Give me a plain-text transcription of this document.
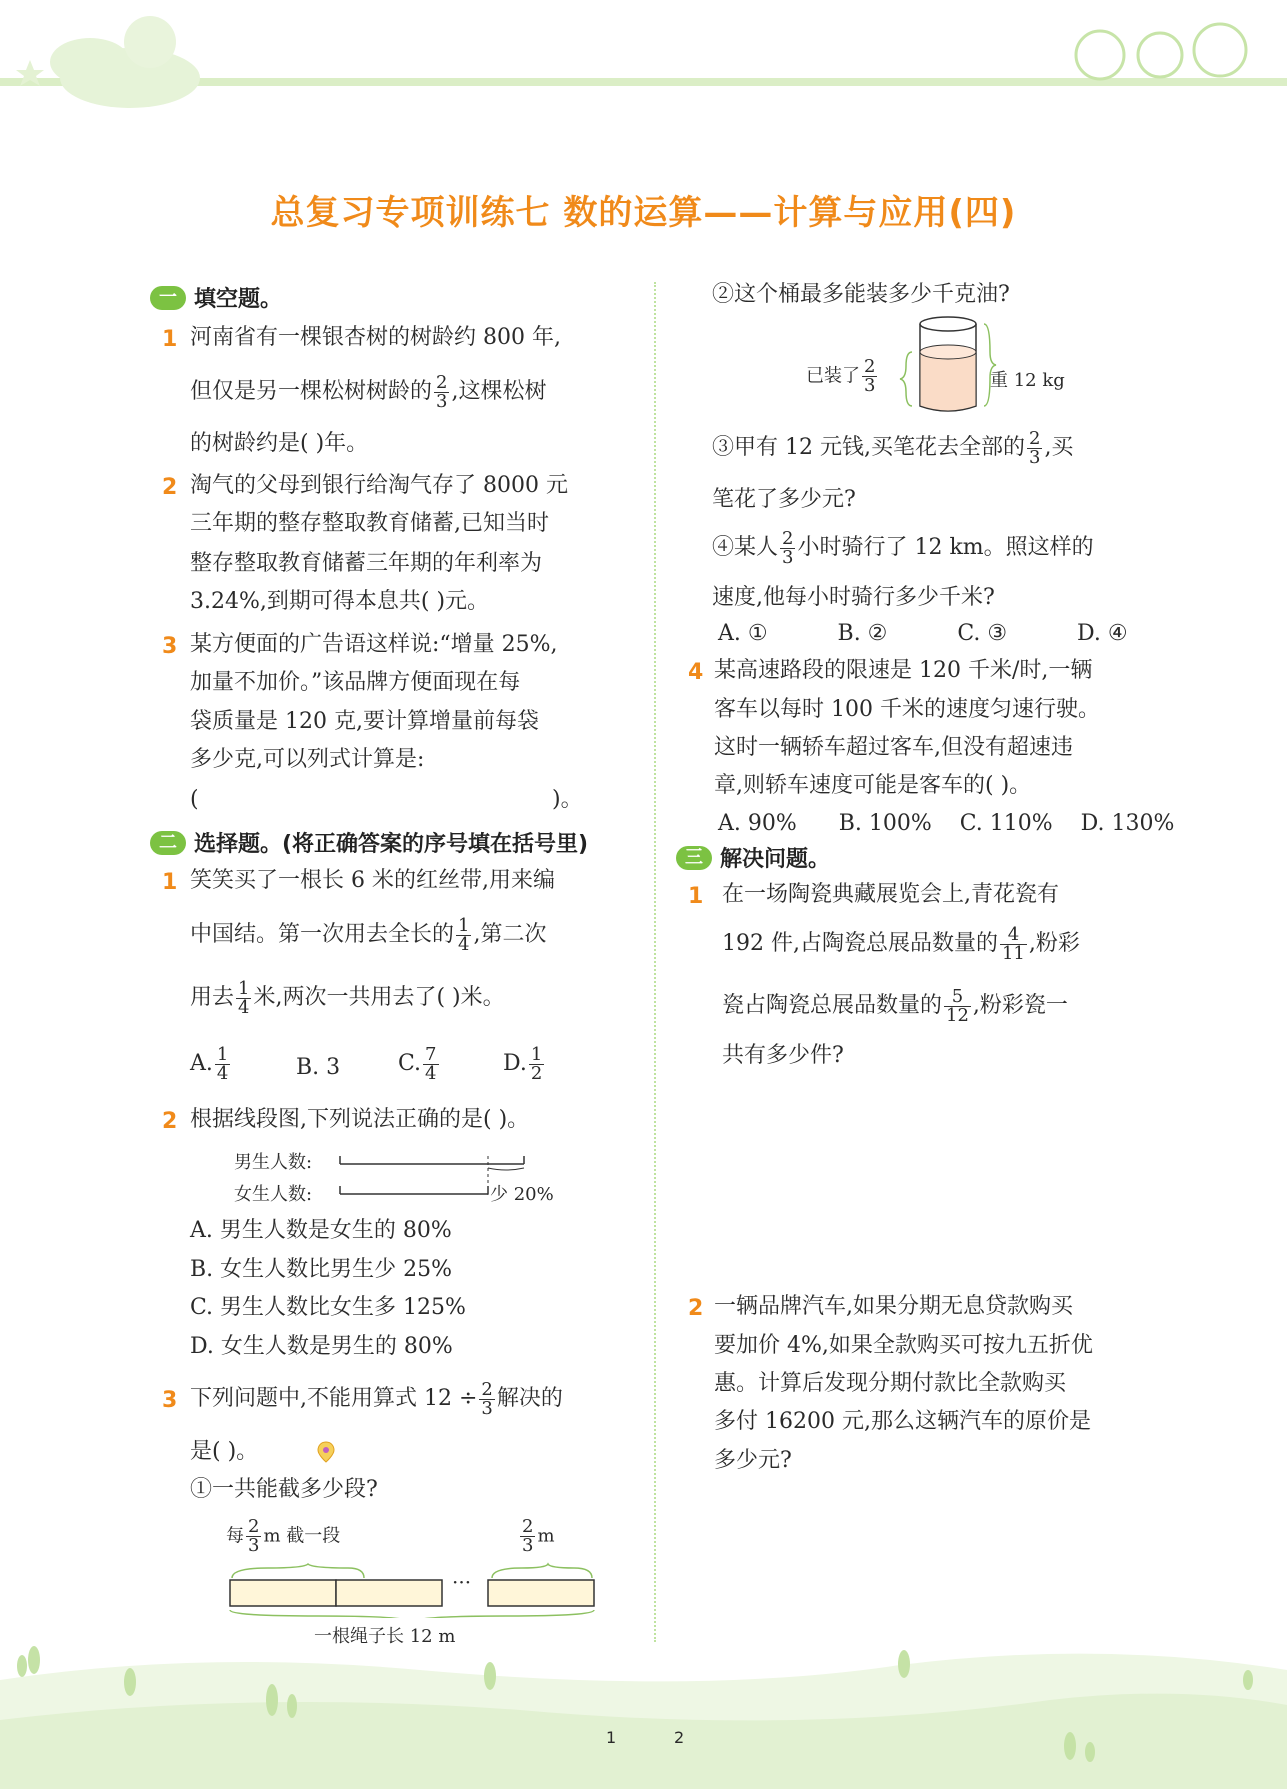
总复习专项训练七 数的运算——计算与应用(四)
一 填空题。
1 河南省有一棵银杏树的树龄约 800 年,
但仅是另一棵松树树龄的 $\frac{2}{3}$ ,这棵松树
的树龄约是( )年。
2 淘气的父母到银行给淘气存了 8000 元
三年期的整存整取教育储蓄,已知当时
整存整取教育储蓄三年期的年利率为
3.24%,到期可得本息共( )元。
3 某方便面的广告语这样说:“增量 25%,
加量不加价。”该品牌方便面现在每
袋质量是 120 克,要计算增量前每袋
多少克,可以列式计算是:
(	)。
二 选择题。(将正确答案的序号填在括号里)
1 笑笑买了一根长 6 米的红丝带,用来编
中国结。第一次用去全长的 $\frac{1}{4}$ ,第二次
用去 $\frac{1}{4}$ 米,两次一共用去了( )米。
A. $\frac{1}{4}$	B. 3	C. $\frac{7}{4}$	D. $\frac{1}{2}$
2 根据线段图,下列说法正确的是( )。
男生人数:
女生人数:	少 20%
A. 男生人数是女生的 80%
B. 女生人数比男生少 25%
C. 男生人数比女生多 125%
D. 女生人数是男生的 80%
3 下列问题中,不能用算式 $12 \div \frac{2}{3}$ 解决的
是( )。
①一共能截多少段?
每 $\frac{2}{3}$ m 截一段	$\frac{2}{3}$ m
···
一根绳子长 12 m
②这个桶最多能装多少千克油?
已装了 $\frac{2}{3}$	重 12 kg
③甲有 12 元钱,买笔花去全部的 $\frac{2}{3}$ ,买
笔花了多少元?
④某人 $\frac{2}{3}$ 小时骑行了 12 km。照这样的
速度,他每小时骑行多少千米?
A. ①          B. ②          C. ③          D. ④
4 某高速路段的限速是 120 千米/时,一辆
客车以每时 100 千米的速度匀速行驶。
这时一辆轿车超过客车,但没有超速违
章,则轿车速度可能是客车的( )。
A. 90%      B. 100%    C. 110%    D. 130%
三 解决问题。
1 在一场陶瓷典藏展览会上,青花瓷有
192 件,占陶瓷总展品数量的 $\frac{4}{11}$ ,粉彩
瓷占陶瓷总展品数量的 $\frac{5}{12}$ ,粉彩瓷一
共有多少件?
2 一辆品牌汽车,如果分期无息贷款购买
要加价 4%,如果全款购买可按九五折优
惠。计算后发现分期付款比全款购买
多付 16200 元,那么这辆汽车的原价是
多少元?
1	2
